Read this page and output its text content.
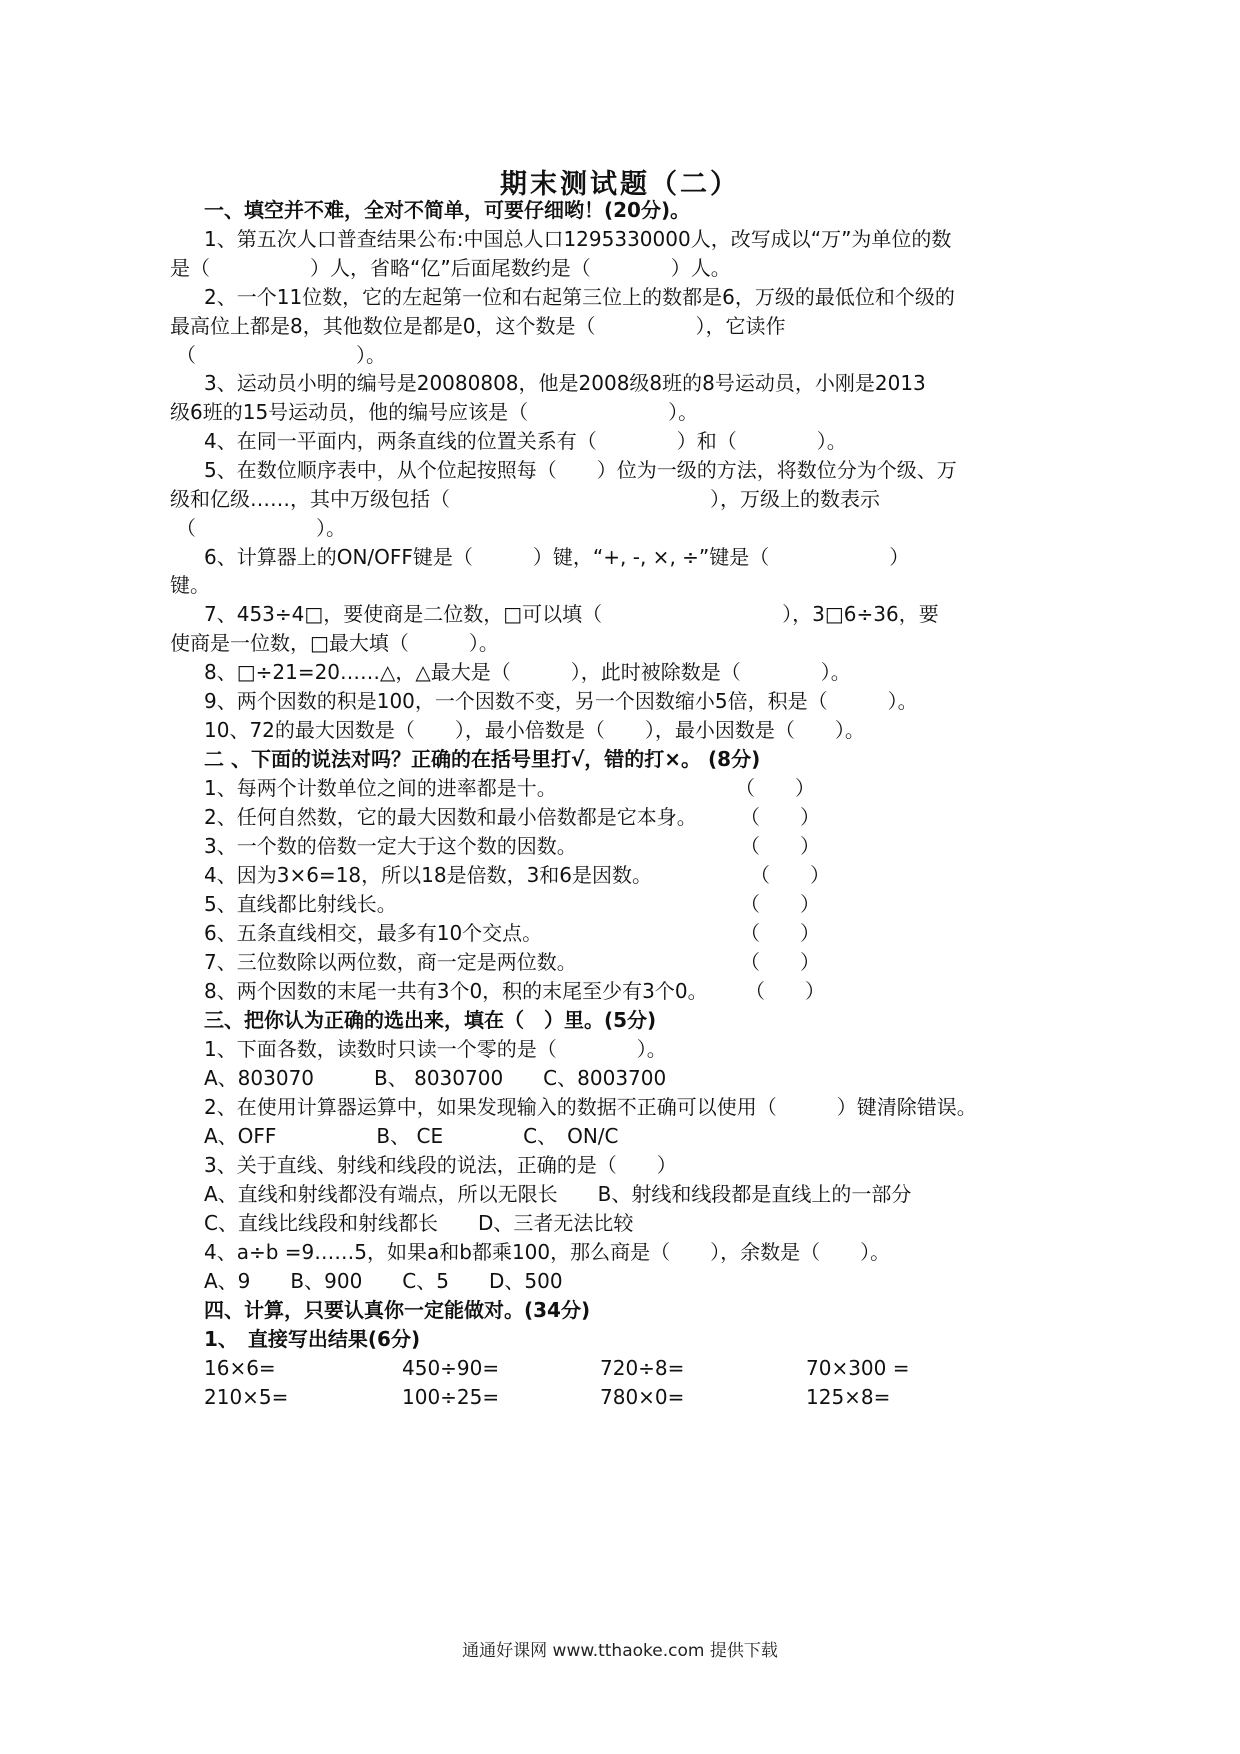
期末测试题（二）
一、填空并不难，全对不简单，可要仔细哟！(20分)。
1、第五次人口普查结果公布:中国总人口1295330000人，改写成以“万”为单位的数
是（　　　　　）人，省略“亿”后面尾数约是（　　　　）人。
2、一个11位数，它的左起第一位和右起第三位上的数都是6，万级的最低位和个级的
最高位上都是8，其他数位是都是0，这个数是（　　　　　），它读作
（　　　　　　　　）。
3、运动员小明的编号是20080808，他是2008级8班的8号运动员，小刚是2013
级6班的15号运动员，他的编号应该是（　　　　　　　）。
4、在同一平面内，两条直线的位置关系有（　　　　）和（　　　　）。
5、在数位顺序表中，从个位起按照每（　　）位为一级的方法，将数位分为个级、万
级和亿级……，其中万级包括（　　　　　　　　　　　　　），万级上的数表示
（　　　　　　）。
6、计算器上的ON/OFF键是（　　　）键，“+, -, ×, ÷”键是（　　　　　　）
键。
7、453÷4□，要使商是二位数，□可以填（　　　　　　　　　），3□6÷36，要
使商是一位数，□最大填（　　　）。
8、□÷21=20……△，△最大是（　　　），此时被除数是（　　　　）。
9、两个因数的积是100，一个因数不变，另一个因数缩小5倍，积是（　　　）。
10、72的最大因数是（　　），最小倍数是（　　），最小因数是（　　）。
二 、下面的说法对吗？正确的在括号里打√，错的打×。 (8分)
1、每两个计数单位之间的进率都是十。	（　　）
2、任何自然数，它的最大因数和最小倍数都是它本身。 （　　）
3、一个数的倍数一定大于这个数的因数。	（　　）
4、因为3×6=18，所以18是倍数，3和6是因数。	（　　）
5、直线都比射线长。	（　　）
6、五条直线相交，最多有10个交点。	（　　）
7、三位数除以两位数，商一定是两位数。	（　　）
8、两个因数的末尾一共有3个0，积的末尾至少有3个0。 （　　）
三、把你认为正确的选出来，填在（　）里。(5分)
1、下面各数，读数时只读一个零的是（　　　　）。
A、803070　　　B、 8030700　　C、8003700
2、在使用计算器运算中，如果发现输入的数据不正确可以使用（　　　）键清除错误。
A、OFF　　　　　B、 CE　　　　C、　ON/C
3、关于直线、射线和线段的说法，正确的是（　　）
A、直线和射线都没有端点，所以无限长　　B、射线和线段都是直线上的一部分
C、直线比线段和射线都长　　D、三者无法比较
4、a÷b =9……5，如果a和b都乘100，那么商是（　　），余数是（　　）。
A、9　　B、900　　C、5　　D、500
四、计算，只要认真你一定能做对。(34分)
1、　直接写出结果(6分)
16×6=	450÷90=	720÷8=	70×300 =
210×5=	100÷25=	780×0=	125×8=
通通好课网 www.tthaoke.com 提供下载
